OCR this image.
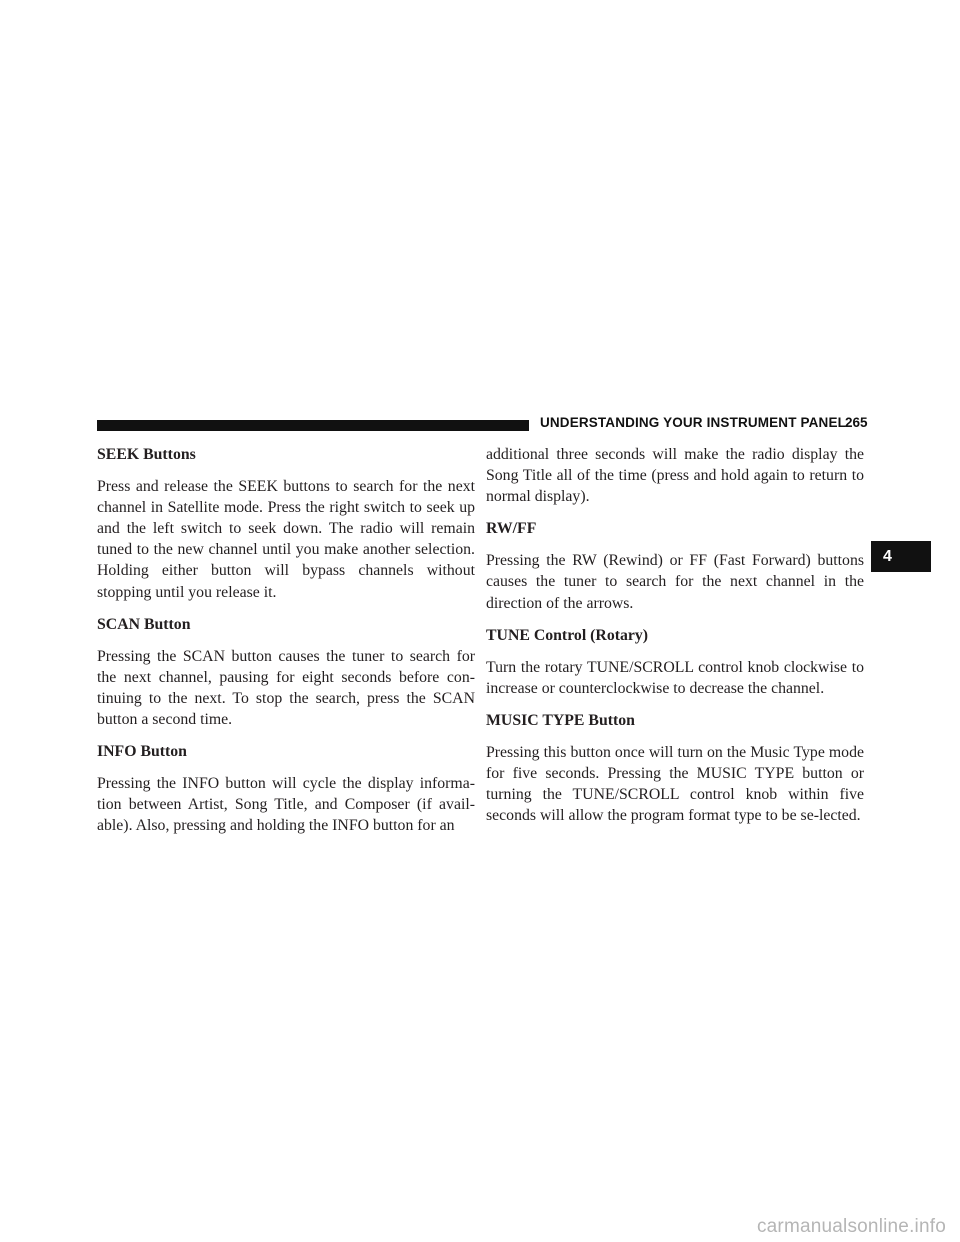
UNDERSTANDING YOUR INSTRUMENT PANEL
265
4
SEEK Buttons

Press and release the SEEK buttons to search for the next channel in Satellite mode. Press the right switch to seek up and the left switch to seek down. The radio will remain tuned to the new channel until you make another selection. Holding either button will bypass channels without stopping until you release it.

SCAN Button

Pressing the SCAN button causes the tuner to search for the next channel, pausing for eight seconds before con-tinuing to the next. To stop the search, press the SCAN button a second time.

INFO Button

Pressing the INFO button will cycle the display informa-tion between Artist, Song Title, and Composer (if avail-able). Also, pressing and holding the INFO button for an

additional three seconds will make the radio display the Song Title all of the time (press and hold again to return to normal display).

RW/FF

Pressing the RW (Rewind) or FF (Fast Forward) buttons causes the tuner to search for the next channel in the direction of the arrows.

TUNE Control (Rotary)

Turn the rotary TUNE/SCROLL control knob clockwise to increase or counterclockwise to decrease the channel.

MUSIC TYPE Button

Pressing this button once will turn on the Music Type mode for five seconds. Pressing the MUSIC TYPE button or turning the TUNE/SCROLL control knob within five seconds will allow the program format type to be se-lected.

carmanualsonline.info
